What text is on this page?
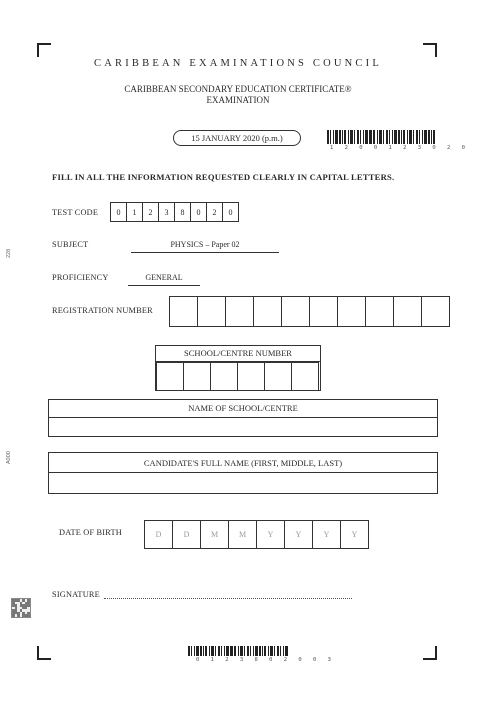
CARIBBEAN EXAMINATIONS COUNCIL
CARIBBEAN SECONDARY EDUCATION CERTIFICATE®
EXAMINATION
15 JANUARY 2020 (p.m.)
1 2 0 0 1 2 3 0 2 0
FILL IN ALL THE INFORMATION REQUESTED CLEARLY IN CAPITAL LETTERS.
TEST CODE	0	1	2	3	8	0	2	0
SUBJECT	PHYSICS – Paper 02
PROFICIENCY	GENERAL
REGISTRATION NUMBER
SCHOOL/CENTRE NUMBER
NAME OF SCHOOL/CENTRE
CANDIDATE'S FULL NAME (FIRST, MIDDLE, LAST)
DATE OF BIRTH	D	D	M	M	Y	Y	Y	Y
SIGNATURE
228
A000
0 1 2 3 8 0 2 0 0 3
